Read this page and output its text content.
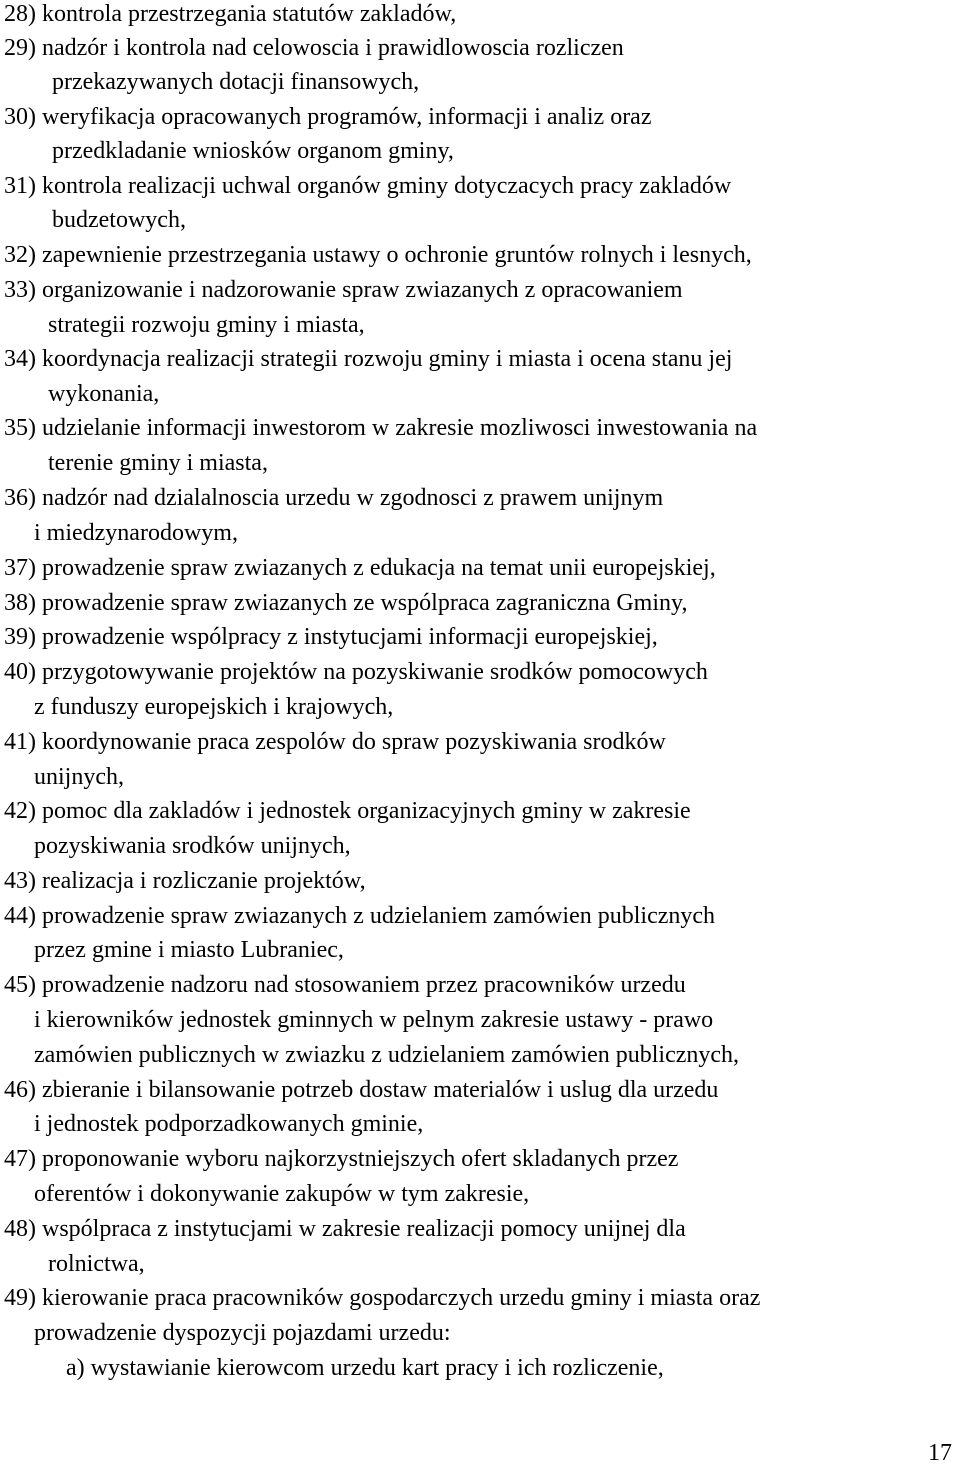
28) kontrola przestrzegania statutów zakladów,
29) nadzór i kontrola nad celowoscia i prawidlowoscia rozliczen
przekazywanych dotacji finansowych,
30) weryfikacja opracowanych programów, informacji i analiz oraz
przedkladanie wniosków organom gminy,
31) kontrola realizacji uchwal organów gminy dotyczacych pracy zakladów
budzetowych,
32) zapewnienie przestrzegania ustawy o ochronie gruntów rolnych i lesnych,
33) organizowanie i nadzorowanie spraw zwiazanych z opracowaniem
strategii rozwoju gminy i miasta,
34) koordynacja realizacji strategii rozwoju gminy i miasta i ocena stanu jej
wykonania,
35) udzielanie informacji inwestorom w zakresie mozliwosci inwestowania na
terenie gminy i miasta,
36) nadzór nad dzialalnoscia urzedu w zgodnosci z prawem unijnym
i miedzynarodowym,
37) prowadzenie spraw zwiazanych z edukacja na temat unii europejskiej,
38) prowadzenie spraw zwiazanych ze wspólpraca zagraniczna Gminy,
39) prowadzenie wspólpracy z instytucjami informacji europejskiej,
40) przygotowywanie projektów na pozyskiwanie srodków pomocowych
z funduszy europejskich i krajowych,
41) koordynowanie praca zespolów do spraw pozyskiwania srodków
unijnych,
42) pomoc dla zakladów i jednostek organizacyjnych gminy w zakresie
pozyskiwania srodków unijnych,
43) realizacja i rozliczanie projektów,
44) prowadzenie spraw zwiazanych z udzielaniem zamówien publicznych
przez gmine i miasto Lubraniec,
45) prowadzenie nadzoru nad stosowaniem przez pracowników urzedu
i kierowników jednostek gminnych w pelnym zakresie ustawy - prawo
zamówien publicznych w zwiazku z udzielaniem zamówien publicznych,
46) zbieranie i bilansowanie potrzeb dostaw materialów i uslug dla urzedu
i jednostek podporzadkowanych gminie,
47) proponowanie wyboru najkorzystniejszych ofert skladanych przez
oferentów i dokonywanie zakupów w tym zakresie,
48) wspólpraca z instytucjami w zakresie realizacji pomocy unijnej dla
rolnictwa,
49) kierowanie praca pracowników gospodarczych urzedu gminy i miasta oraz
prowadzenie dyspozycji pojazdami urzedu:
a) wystawianie kierowcom urzedu kart pracy i ich rozliczenie,
17
